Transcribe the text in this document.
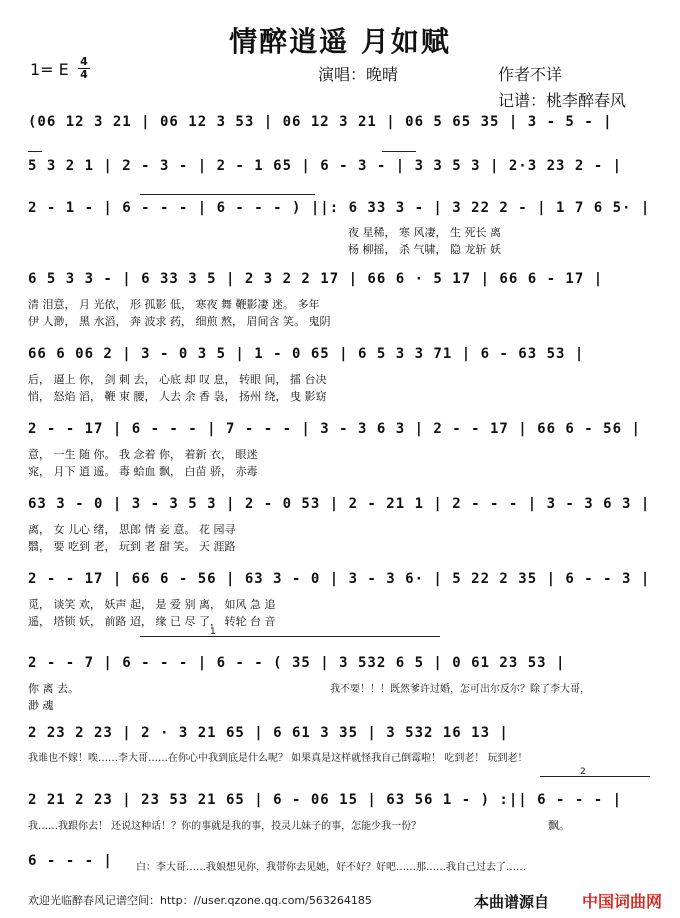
情醉逍遥 月如赋
1= E	4
4	演唱：晚晴	作者不详
记谱：桃李醉春风
(06 12 3 21 | 06 12 3 53 | 06 12 3 21 | 06 5 65 35 | 3 - 5 - |
5 3 2 1 | 2 - 3 - | 2 - 1 65 | 6 - 3 - | 3 3 5 3 | 2·3 23 2 - |
2 - 1 - | 6 - - - | 6 - - - ) ||: 6 33 3 - | 3 22 2 - | 1 7 6 5· |
夜 星稀， 寒 风凄， 生 死长 离
杨 柳摇， 杀 气啸， 隐 龙斩 妖
6 5 3 3 - | 6 33 3 5 | 2 3 2 2 17 | 66 6 · 5 17 | 66 6 - 17 |
清 泪意， 月 光依， 形 孤影 低， 寒夜 舞 鞭影凄 迷。 多年
伊 人渺， 黑 水滔， 奔 波求 药， 细煎 熬， 眉间含 笑。 鬼阴
66 6 06 2 | 3 - 0 3 5 | 1 - 0 65 | 6 5 3 3 71 | 6 - 63 53 |
后， 逼上 你， 剑 刺 去， 心底 却 叹 息， 转眼 间， 擂 台决
悄， 怒焰 滔， 鞭 束 腰， 人去 余 香 袅， 扬州 绕， 曳 影窈
2 - - 17 | 6 - - - | 7 - - - | 3 - 3 6 3 | 2 - - 17 | 66 6 - 56 |
意， 一生 随 你。 我 念着 你， 着新 衣， 眼迷
窕， 月下 逍 遥。 毒 蛤血 飘， 白苗 骄， 赤毒
63 3 - 0 | 3 - 3 5 3 | 2 - 0 53 | 2 - 21 1 | 2 - - - | 3 - 3 6 3 |
离， 女 儿心 绪， 思郎 情 妾 意。 花 园寻
翳， 要 吃到 老， 玩到 老 甜 笑。 天 涯路
2 - - 17 | 66 6 - 56 | 63 3 - 0 | 3 - 3 6· | 5 22 2 35 | 6 - - 3 |
觅， 谈笑 欢， 妖声 起， 是 爱 别 离， 如风 急 追
遥， 塔锁 妖， 前路 迢， 缘 已 尽 了， 转轮 台 音
1
2 - - 7 | 6 - - - | 6 - - ( 35 | 3 532 6 5 | 0 61 23 53 |
你 离 去。
渺 魂
我不要！！！既然爹许过婚，怎可出尔反尔？除了李大哥，
2 23 2 23 | 2 · 3 21 65 | 6 61 3 35 | 3 532 16 13 |
我谁也不嫁！唉……李大哥……在你心中我到底是什么呢？ 如果真是这样就怪我自己倒霉啦！ 吃到老！ 玩到老！
2
2 21 2 23 | 23 53 21 65 | 6 - 06 15 | 63 56 1 - ) :|| 6 - - - |
我……我跟你去！ 还说这种话！？你的事就是我的事，投灵儿妹子的事，怎能少我一份？	飘。
6 - - - |	白：李大哥……我娘想见你，我带你去见她，好不好？好吧……那……我自己过去了……
欢迎光临醉春风记谱空间：http：//user.qzone.qq.com/563264185	本曲谱源自 中国词曲网
